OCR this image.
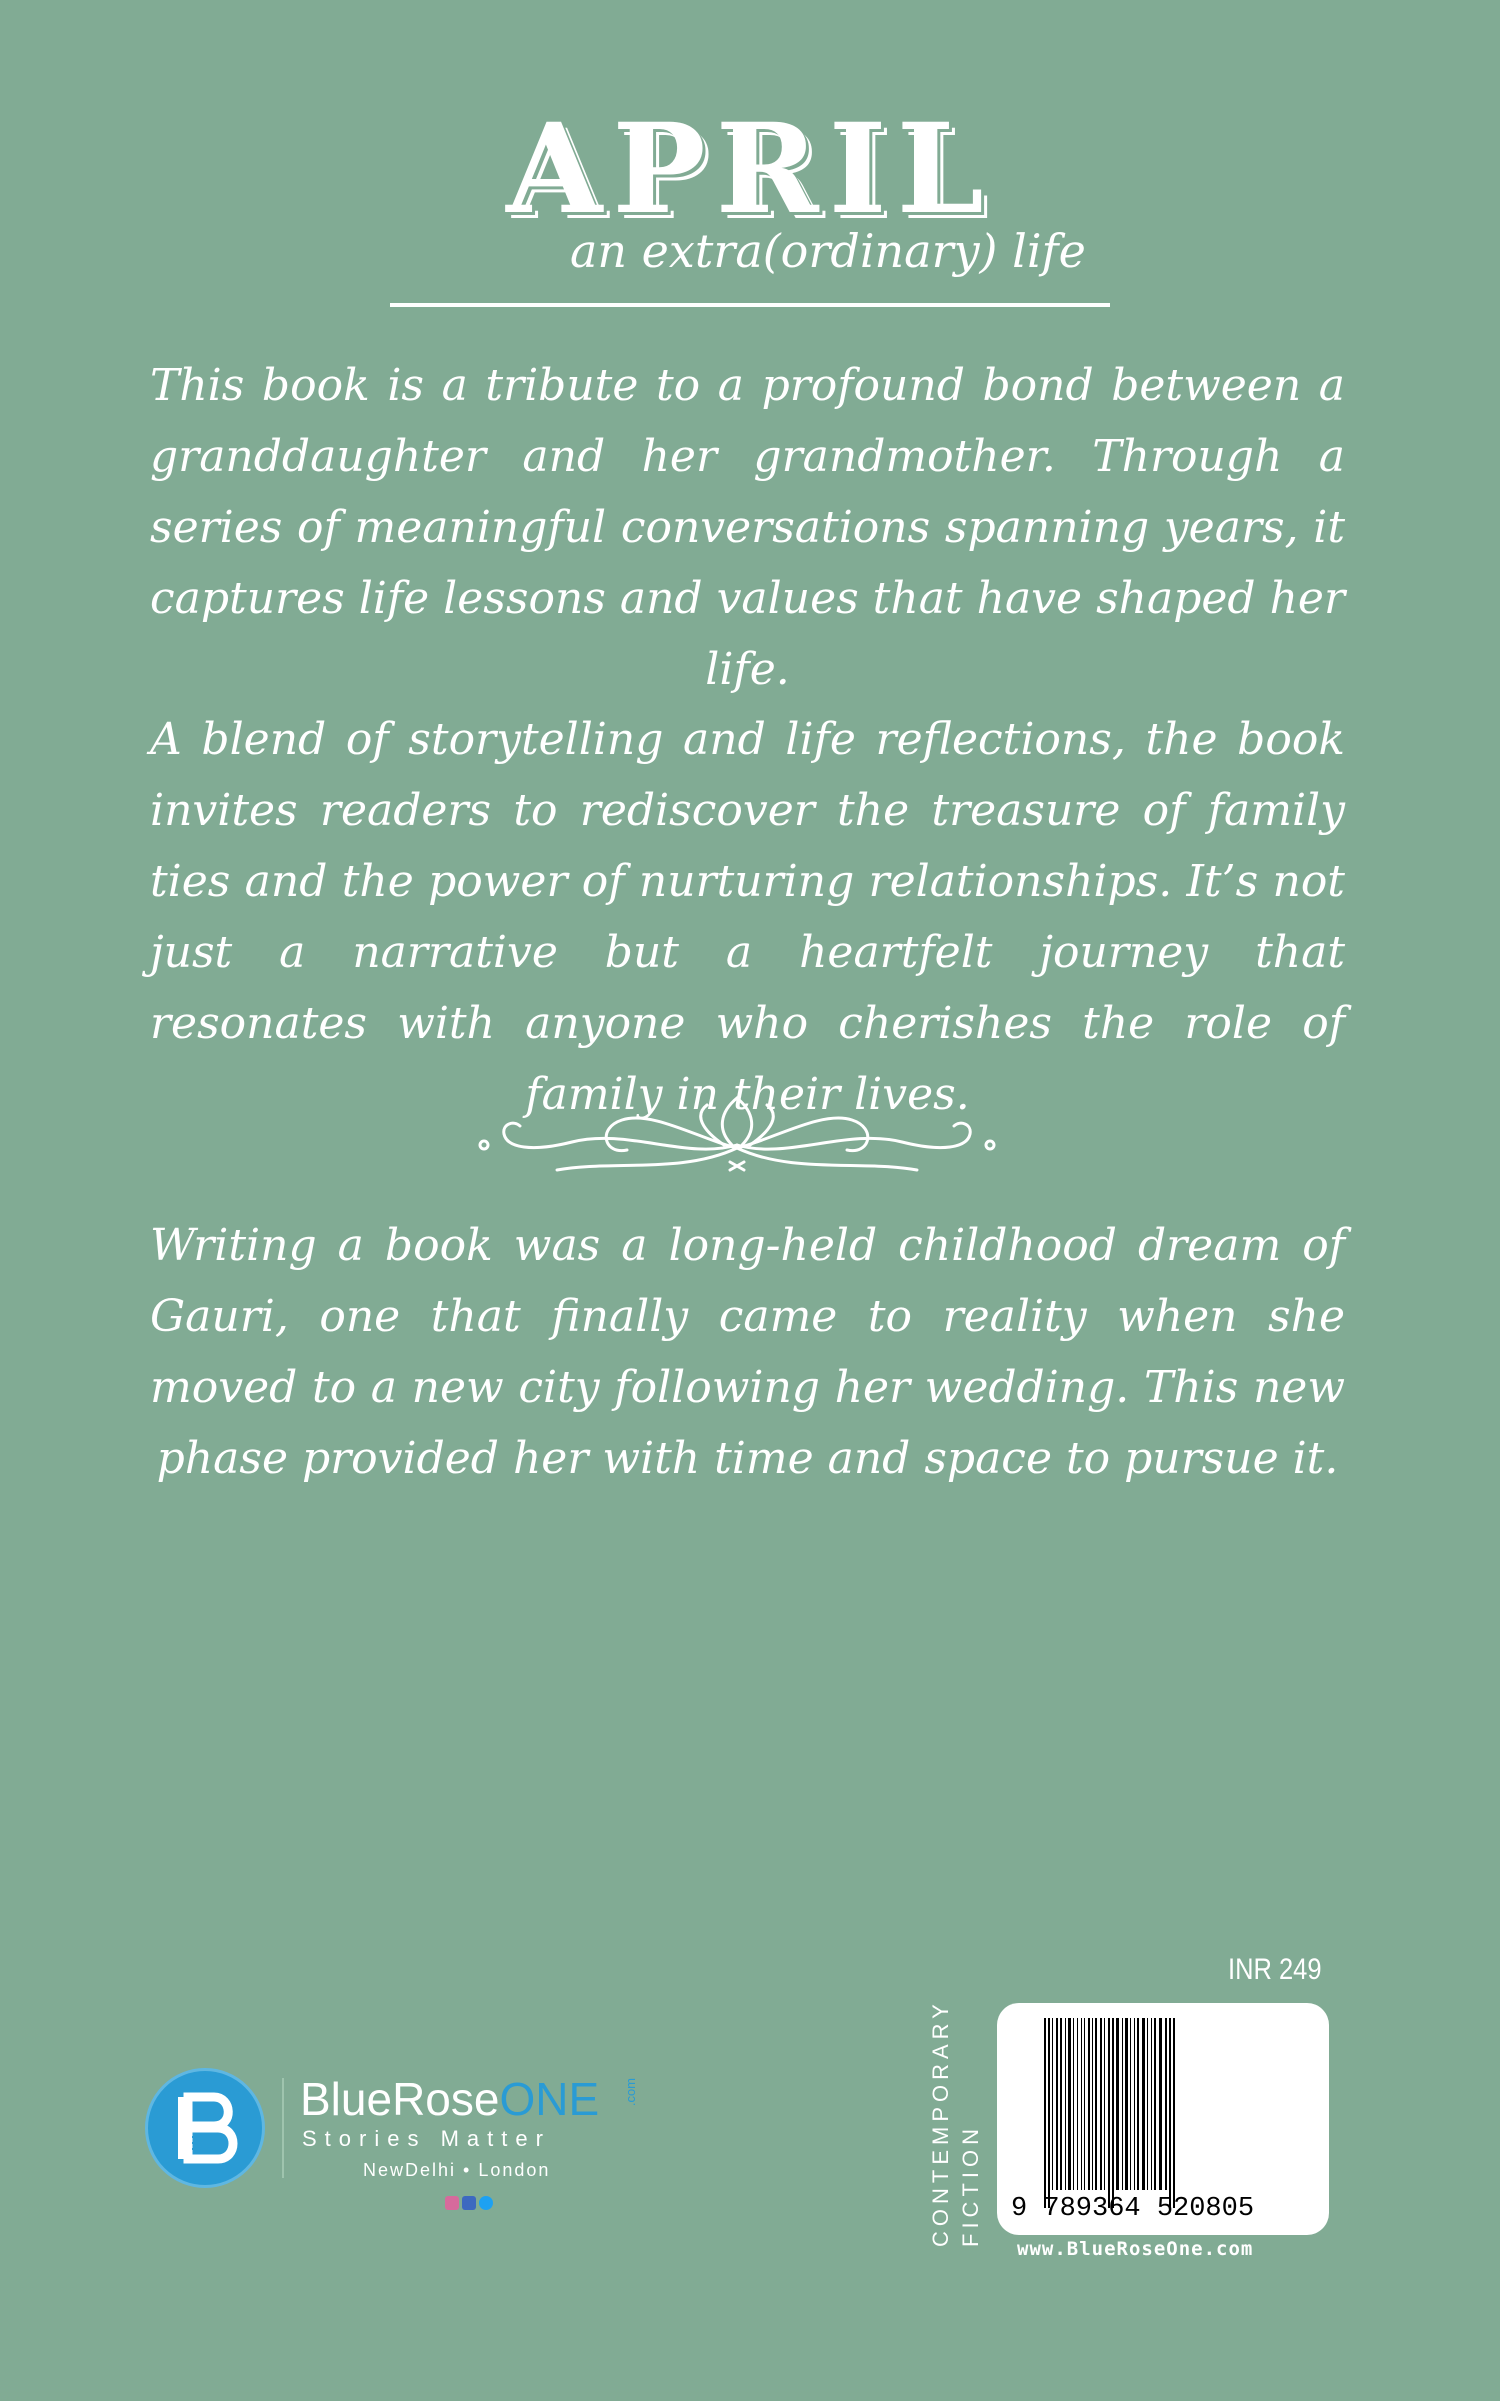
APRIL
an extra(ordinary) life

This book is a tribute to a profound bond between a granddaughter and her grandmother. Through a series of meaningful conversations spanning years, it captures life lessons and values that have shaped her life.

A blend of storytelling and life reflections, the book invites readers to rediscover the treasure of family ties and the power of nurturing relationships. It’s not just a narrative but a heartfelt journey that resonates with anyone who cherishes the role of family in their lives.

Writing a book was a long-held childhood dream of Gauri, one that finally came to reality when she moved to a new city following her wedding. This new phase provided her with time and space to pursue it.

BlueRoseONE .com
Stories Matter
NewDelhi • London
INR 249
CONTEMPORARY FICTION 9 789364 520805
www.BlueRoseOne.com
